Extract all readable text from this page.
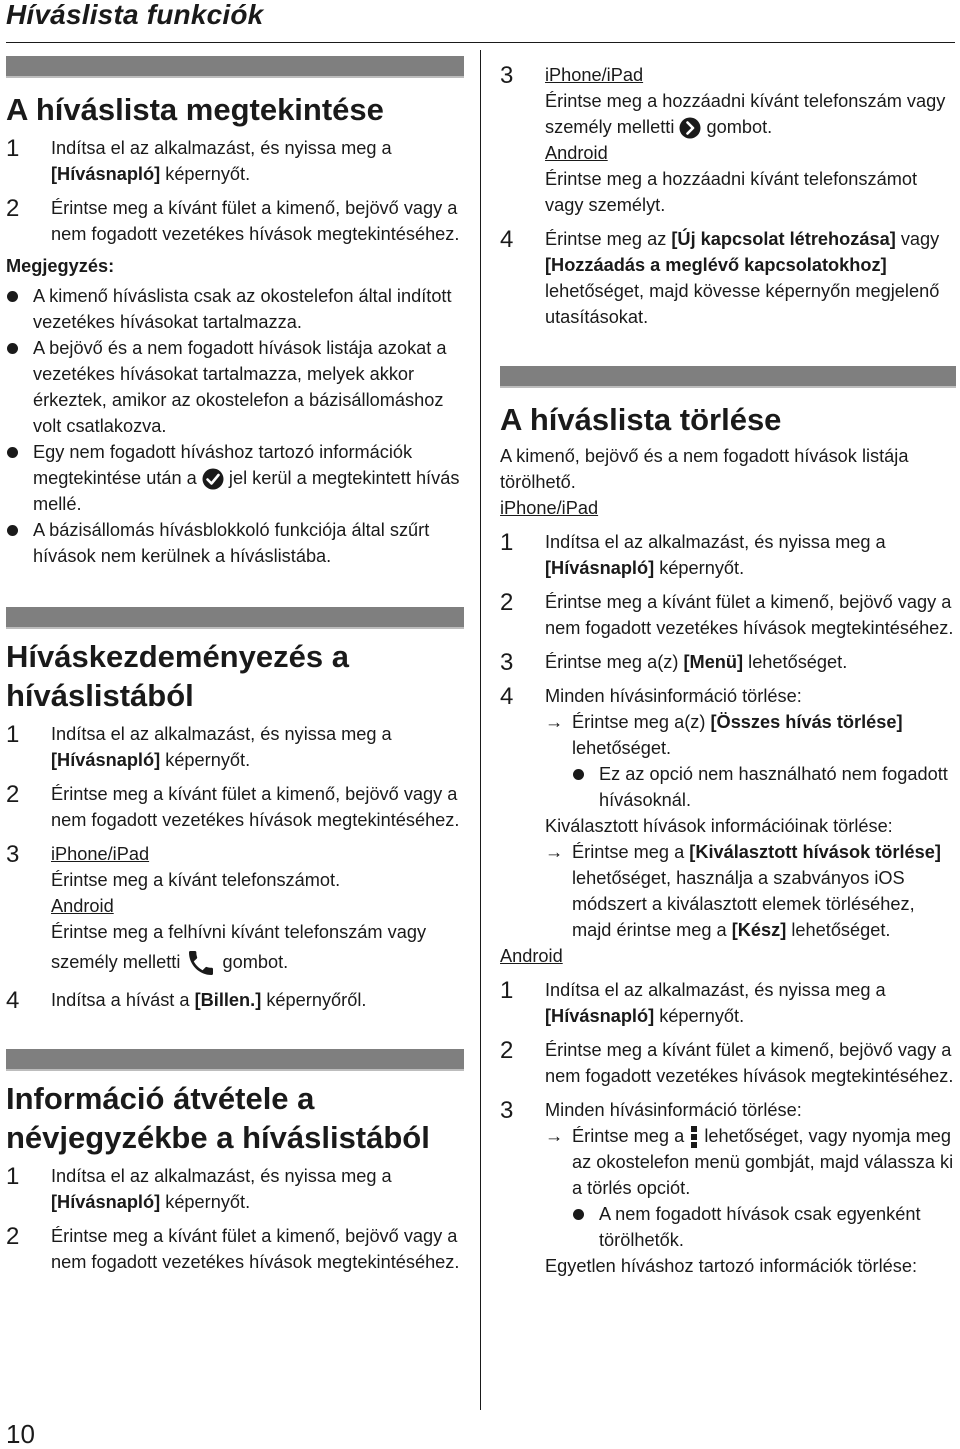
Híváslista funkciók
A híváslista megtekintése
1 Indítsa el az alkalmazást, és nyissa meg a [Hívásnapló] képernyőt.
2 Érintse meg a kívánt fület a kimenő, bejövő vagy a nem fogadott vezetékes hívások megtekintéséhez.
Megjegyzés:
A kimenő híváslista csak az okostelefon által indított vezetékes hívásokat tartalmazza.
A bejövő és a nem fogadott hívások listája azokat a vezetékes hívásokat tartalmazza, melyek akkor érkeztek, amikor az okostelefon a bázisállomáshoz volt csatlakozva.
Egy nem fogadott híváshoz tartozó információk megtekintése után a jel kerül a megtekintett hívás mellé.
A bázisállomás hívásblokkoló funkciója által szűrt hívások nem kerülnek a híváslistába.
Híváskezdeményezés a
híváslistából
1 Indítsa el az alkalmazást, és nyissa meg a [Hívásnapló] képernyőt.
2 Érintse meg a kívánt fület a kimenő, bejövő vagy a nem fogadott vezetékes hívások megtekintéséhez.
3 iPhone/iPad
Érintse meg a kívánt telefonszámot.
Android
Érintse meg a felhívni kívánt telefonszám vagy
személy melletti gombot.
4 Indítsa a hívást a [Billen.] képernyőről.
Információ átvétele a
névjegyzékbe a híváslistából
1 Indítsa el az alkalmazást, és nyissa meg a [Hívásnapló] képernyőt.
2 Érintse meg a kívánt fület a kimenő, bejövő vagy a nem fogadott vezetékes hívások megtekintéséhez.
3 iPhone/iPad
Érintse meg a hozzáadni kívánt telefonszám vagy személy melletti gombot.
Android
Érintse meg a hozzáadni kívánt telefonszámot vagy személyt.
4 Érintse meg az [Új kapcsolat létrehozása] vagy [Hozzáadás a meglévő kapcsolatokhoz] lehetőséget, majd kövesse képernyőn megjelenő utasításokat.
A híváslista törlése
A kimenő, bejövő és a nem fogadott hívások listája törölhető.
iPhone/iPad
1 Indítsa el az alkalmazást, és nyissa meg a [Hívásnapló] képernyőt.
2 Érintse meg a kívánt fület a kimenő, bejövő vagy a nem fogadott vezetékes hívások megtekintéséhez.
3 Érintse meg a(z) [Menü] lehetőséget.
4 Minden hívásinformáció törlése:
→ Érintse meg a(z) [Összes hívás törlése] lehetőséget.
Ez az opció nem használható nem fogadott hívásoknál.
Kiválasztott hívások információinak törlése:
→ Érintse meg a [Kiválasztott hívások törlése] lehetőséget, használja a szabványos iOS módszert a kiválasztott elemek törléséhez, majd érintse meg a [Kész] lehetőséget.
Android
1 Indítsa el az alkalmazást, és nyissa meg a [Hívásnapló] képernyőt.
2 Érintse meg a kívánt fület a kimenő, bejövő vagy a nem fogadott vezetékes hívások megtekintéséhez.
3 Minden hívásinformáció törlése:
→ Érintse meg a lehetőséget, vagy nyomja meg az okostelefon menü gombját, majd válassza ki a törlés opciót.
A nem fogadott hívások csak egyenként törölhetők.
Egyetlen híváshoz tartozó információk törlése:
10
